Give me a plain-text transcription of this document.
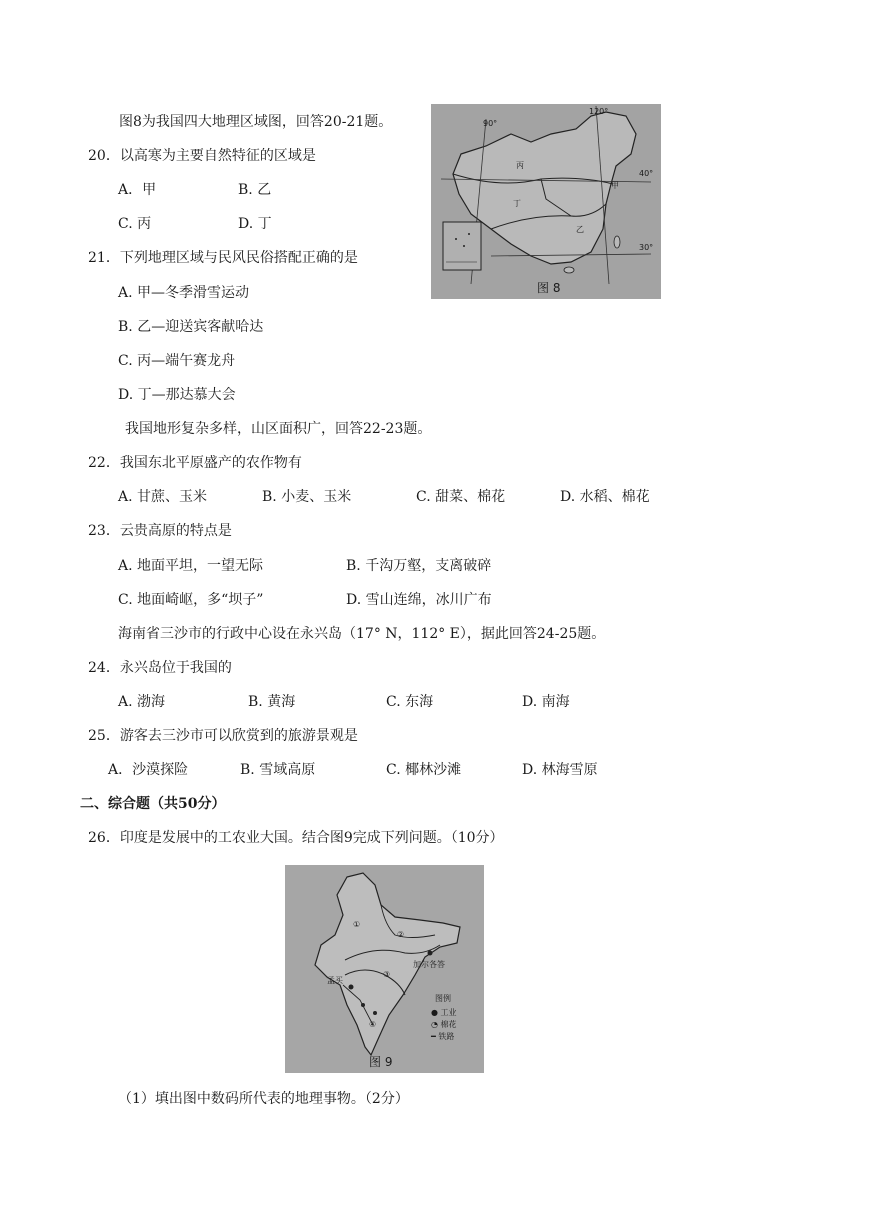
图8为我国四大地理区域图，回答20-21题。
20．以高寒为主要自然特征的区域是
A．甲	B. 乙
C. 丙	D. 丁
21．下列地理区域与民风民俗搭配正确的是
A. 甲—冬季滑雪运动
B. 乙—迎送宾客献哈达
C. 丙—端午赛龙舟
D. 丁—那达慕大会
我国地形复杂多样，山区面积广，回答22-23题。
22．我国东北平原盛产的农作物有
A. 甘蔗、玉米	B. 小麦、玉米	C. 甜菜、棉花	D. 水稻、棉花
23．云贵高原的特点是
A. 地面平坦，一望无际	B. 千沟万壑，支离破碎
C. 地面崎岖，多“坝子”	D. 雪山连绵，冰川广布
海南省三沙市的行政中心设在永兴岛（17° N，112° E），据此回答24-25题。
24．永兴岛位于我国的
A. 渤海	B. 黄海	C. 东海	D. 南海
25．游客去三沙市可以欣赏到的旅游景观是
A．沙漠探险	B. 雪域高原	C. 椰林沙滩	D. 林海雪原
二、综合题（共50分）
26．印度是发展中的工农业大国。结合图9完成下列问题。（10分）
（1）填出图中数码所代表的地理事物。（2分）
90°
120°
40°
30°
甲
乙
丙
丁
图 8
①
②
③
④
孟买
加尔各答
图例
● 工业
◔ 棉花
━ 铁路
图 9
